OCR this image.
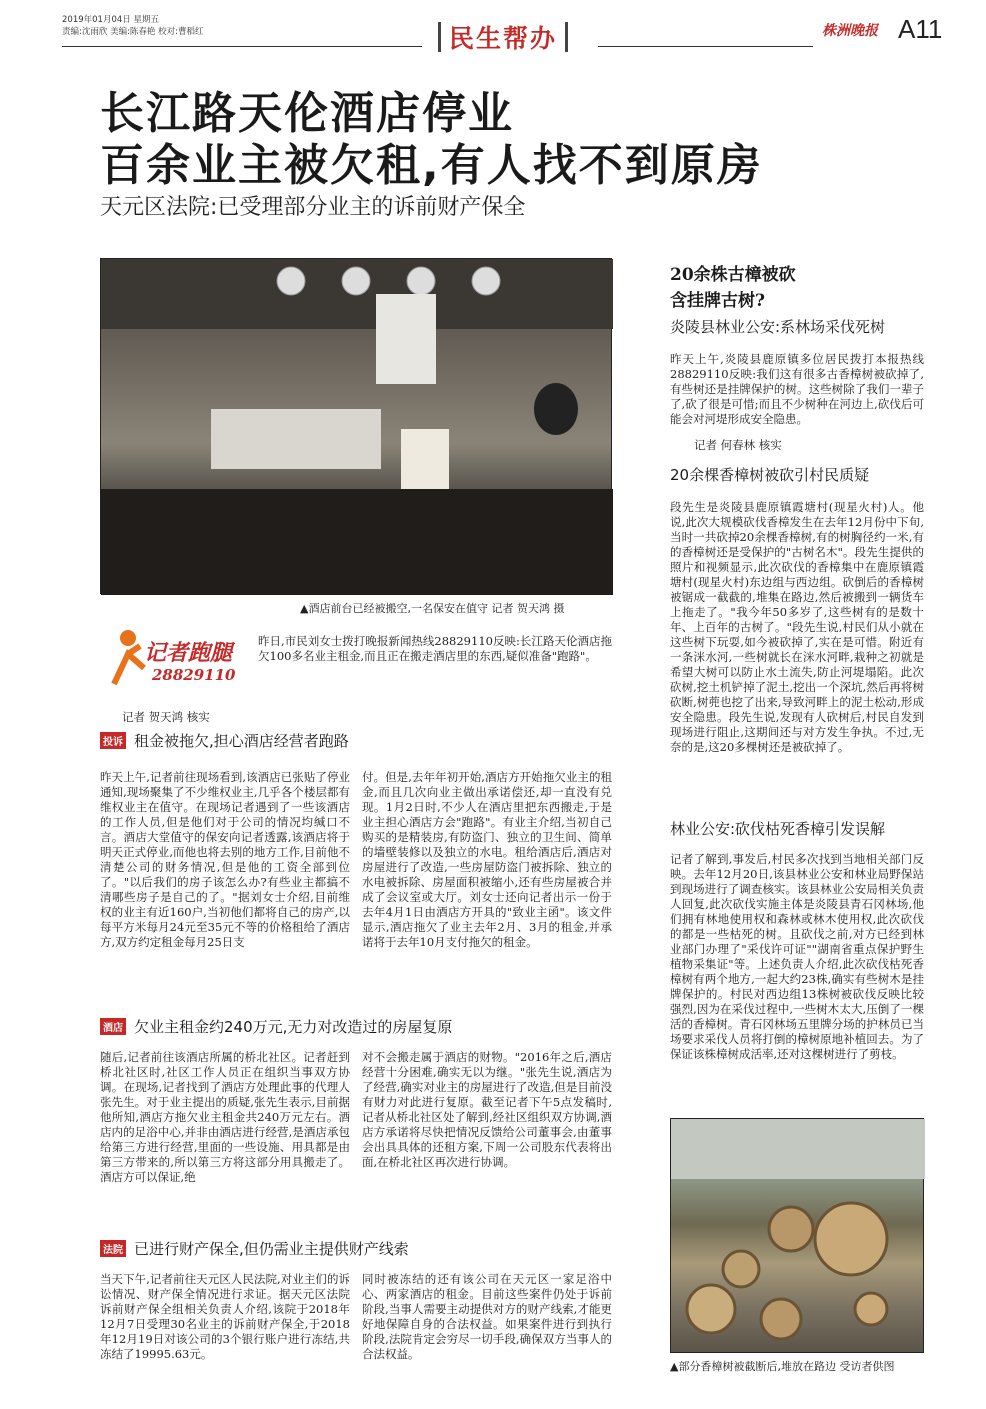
2019年01月04日 星期五
责编:沈雨欣 美编:陈春艳 校对:曹稻红	民生帮办	株洲晚报 A11
长江路天伦酒店停业
百余业主被欠租,有人找不到原房
天元区法院:已受理部分业主的诉前财产保全
▲酒店前台已经被搬空,一名保安在值守 记者 贺天鸿 摄
记者跑腿
28829110
昨日,市民刘女士拨打晚报新闻热线28829110反映:长江路天伦酒店拖欠100多名业主租金,而且正在搬走酒店里的东西,疑似准备"跑路"。
记者 贺天鸿 核实
投诉 租金被拖欠,担心酒店经营者跑路
昨天上午,记者前往现场看到,该酒店已张贴了停业通知,现场聚集了不少维权业主,几乎各个楼层都有维权业主在值守。在现场记者遇到了一些该酒店的工作人员,但是他们对于公司的情况均缄口不言。酒店大堂值守的保安向记者透露,该酒店将于明天正式停业,而他也将去别的地方工作,目前他不清楚公司的财务情况,但是他的工资全部到位了。"以后我们的房子该怎么办?有些业主都搞不清哪些房子是自己的了。"据刘女士介绍,目前维权的业主有近160户,当初他们都将自己的房产,以每平方米每月24元至35元不等的价格租给了酒店方,双方约定租金每月25日支
付。但是,去年年初开始,酒店方开始拖欠业主的租金,而且几次向业主做出承诺偿还,却一直没有兑现。1月2日时,不少人在酒店里把东西搬走,于是业主担心酒店方会"跑路"。有业主介绍,当初自己购买的是精装房,有防盗门、独立的卫生间、简单的墙壁装修以及独立的水电。租给酒店后,酒店对房屋进行了改造,一些房屋防盗门被拆除、独立的水电被拆除、房屋面积被缩小,还有些房屋被合并成了会议室或大厅。刘女士还向记者出示一份于去年4月1日由酒店方开具的"致业主函"。该文件显示,酒店拖欠了业主去年2月、3月的租金,并承诺将于去年10月支付拖欠的租金。
酒店 欠业主租金约240万元,无力对改造过的房屋复原
随后,记者前往该酒店所属的桥北社区。记者赶到桥北社区时,社区工作人员正在组织当事双方协调。在现场,记者找到了酒店方处理此事的代理人张先生。对于业主提出的质疑,张先生表示,目前据他所知,酒店方拖欠业主租金共240万元左右。酒店内的足浴中心,并非由酒店进行经营,是酒店承包给第三方进行经营,里面的一些设施、用具都是由第三方带来的,所以第三方将这部分用具搬走了。酒店方可以保证,绝
对不会搬走属于酒店的财物。"2016年之后,酒店经营十分困难,确实无以为继。"张先生说,酒店为了经营,确实对业主的房屋进行了改造,但是目前没有财力对此进行复原。截至记者下午5点发稿时,记者从桥北社区处了解到,经社区组织双方协调,酒店方承诺将尽快把情况反馈给公司董事会,由董事会出具具体的还租方案,下周一公司股东代表将出面,在桥北社区再次进行协调。
法院 已进行财产保全,但仍需业主提供财产线索
当天下午,记者前往天元区人民法院,对业主们的诉讼情况、财产保全情况进行求证。据天元区法院诉前财产保全组相关负责人介绍,该院于2018年12月7日受理30名业主的诉前财产保全,于2018年12月19日对该公司的3个银行账户进行冻结,共冻结了19995.63元。
同时被冻结的还有该公司在天元区一家足浴中心、两家酒店的租金。目前这些案件仍处于诉前阶段,当事人需要主动提供对方的财产线索,才能更好地保障自身的合法权益。如果案件进行到执行阶段,法院肯定会穷尽一切手段,确保双方当事人的合法权益。
20余株古樟被砍
含挂牌古树?
炎陵县林业公安:系林场采伐死树
昨天上午,炎陵县鹿原镇多位居民拨打本报热线28829110反映:我们这有很多古香樟树被砍掉了,有些树还是挂牌保护的树。这些树除了我们一辈子了,砍了很是可惜;而且不少树种在河边上,砍伐后可能会对河堤形成安全隐患。
记者 何春林 核实
20余棵香樟树被砍引村民质疑
段先生是炎陵县鹿原镇霞塘村(现星火村)人。他说,此次大规模砍伐香樟发生在去年12月份中下旬,当时一共砍掉20余棵香樟树,有的树胸径约一米,有的香樟树还是受保护的"古树名木"。段先生提供的照片和视频显示,此次砍伐的香樟集中在鹿原镇霞塘村(现星火村)东边组与西边组。砍倒后的香樟树被锯成一截截的,堆集在路边,然后被搬到一辆货车上拖走了。"我今年50多岁了,这些树有的是数十年、上百年的古树了。"段先生说,村民们从小就在这些树下玩耍,如今被砍掉了,实在是可惜。附近有一条洣水河,一些树就长在洣水河畔,栽种之初就是希望大树可以防止水土流失,防止河堤塌陷。此次砍树,挖土机铲掉了泥土,挖出一个深坑,然后再将树砍断,树蔸也挖了出来,导致河畔上的泥土松动,形成安全隐患。段先生说,发现有人砍树后,村民自发到现场进行阻止,这期间还与对方发生争执。不过,无奈的是,这20多棵树还是被砍掉了。
林业公安:砍伐枯死香樟引发误解
记者了解到,事发后,村民多次找到当地相关部门反映。去年12月20日,该县林业公安和林业局野保站到现场进行了调查核实。该县林业公安局相关负责人回复,此次砍伐实施主体是炎陵县青石冈林场,他们拥有林地使用权和森林或林木使用权,此次砍伐的都是一些枯死的树。且砍伐之前,对方已经到林业部门办理了"采伐许可证""湖南省重点保护野生植物采集证"等。上述负责人介绍,此次砍伐枯死香樟树有两个地方,一起大约23株,确实有些树木是挂牌保护的。村民对西边组13株树被砍伐反映比较强烈,因为在采伐过程中,一些树木太大,压倒了一棵活的香樟树。青石冈林场五里牌分场的护林员已当场要求采伐人员将打倒的樟树原地补植回去。为了保证该株樟树成活率,还对这棵树进行了剪枝。
▲部分香樟树被截断后,堆放在路边 受访者供图
